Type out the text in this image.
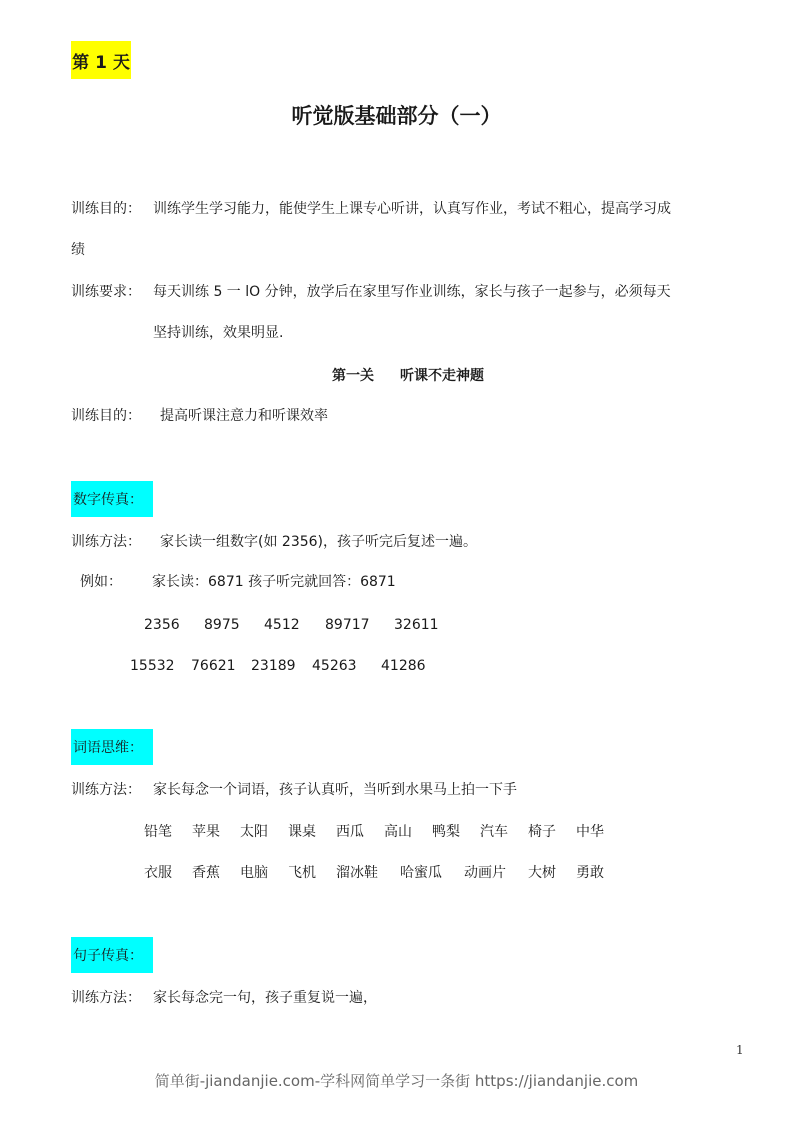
第 1 天
听觉版基础部分（一）
训练目的： 训练学生学习能力，能使学生上课专心听讲，认真写作业，考试不粗心，提高学习成
绩
训练要求： 每天训练 5 一 lO 分钟，放学后在家里写作业训练，家长与孩子一起参与，必须每天
坚持训练，效果明显.
第一关 听课不走神题
训练目的： 提高听课注意力和听课效率
数字传真：
训练方法： 家长读一组数字(如 2356)，孩子听完后复述一遍。
例如： 家长读：6871 孩子听完就回答：6871
2356 8975 4512 89717 32611
15532 76621 23189 45263 41286
词语思维：
训练方法： 家长每念一个词语，孩子认真听，当听到水果马上拍一下手
铅笔 苹果 太阳 课桌 西瓜 高山 鸭梨 汽车 椅子 中华
衣服 香蕉 电脑 飞机 溜冰鞋 哈蜜瓜 动画片 大树 勇敢
句子传真：
训练方法： 家长每念完一句，孩子重复说一遍，
1
简单街-jiandanjie.com-学科网简单学习一条街 https://jiandanjie.com
